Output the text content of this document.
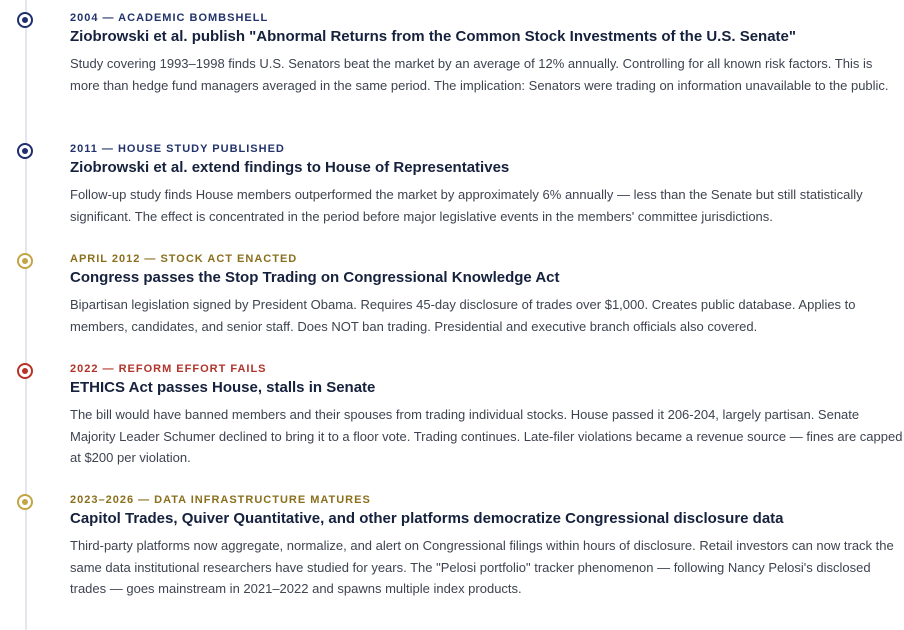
2004 — ACADEMIC BOMBSHELL
Ziobrowski et al. publish "Abnormal Returns from the Common Stock Investments of the U.S. Senate"

Study covering 1993–1998 finds U.S. Senators beat the market by an average of 12% annually. Controlling for all known risk factors. This is more than hedge fund managers averaged in the same period. The implication: Senators were trading on information unavailable to the public.

2011 — HOUSE STUDY PUBLISHED
Ziobrowski et al. extend findings to House of Representatives

Follow-up study finds House members outperformed the market by approximately 6% annually — less than the Senate but still statistically significant. The effect is concentrated in the period before major legislative events in the members' committee jurisdictions.

APRIL 2012 — STOCK ACT ENACTED
Congress passes the Stop Trading on Congressional Knowledge Act

Bipartisan legislation signed by President Obama. Requires 45-day disclosure of trades over $1,000. Creates public database. Applies to members, candidates, and senior staff. Does NOT ban trading. Presidential and executive branch officials also covered.

2022 — REFORM EFFORT FAILS
ETHICS Act passes House, stalls in Senate

The bill would have banned members and their spouses from trading individual stocks. House passed it 206-204, largely partisan. Senate Majority Leader Schumer declined to bring it to a floor vote. Trading continues. Late-filer violations became a revenue source — fines are capped at $200 per violation.

2023–2026 — DATA INFRASTRUCTURE MATURES
Capitol Trades, Quiver Quantitative, and other platforms democratize Congressional disclosure data

Third-party platforms now aggregate, normalize, and alert on Congressional filings within hours of disclosure. Retail investors can now track the same data institutional researchers have studied for years. The "Pelosi portfolio" tracker phenomenon — following Nancy Pelosi's disclosed trades — goes mainstream in 2021–2022 and spawns multiple index products.
